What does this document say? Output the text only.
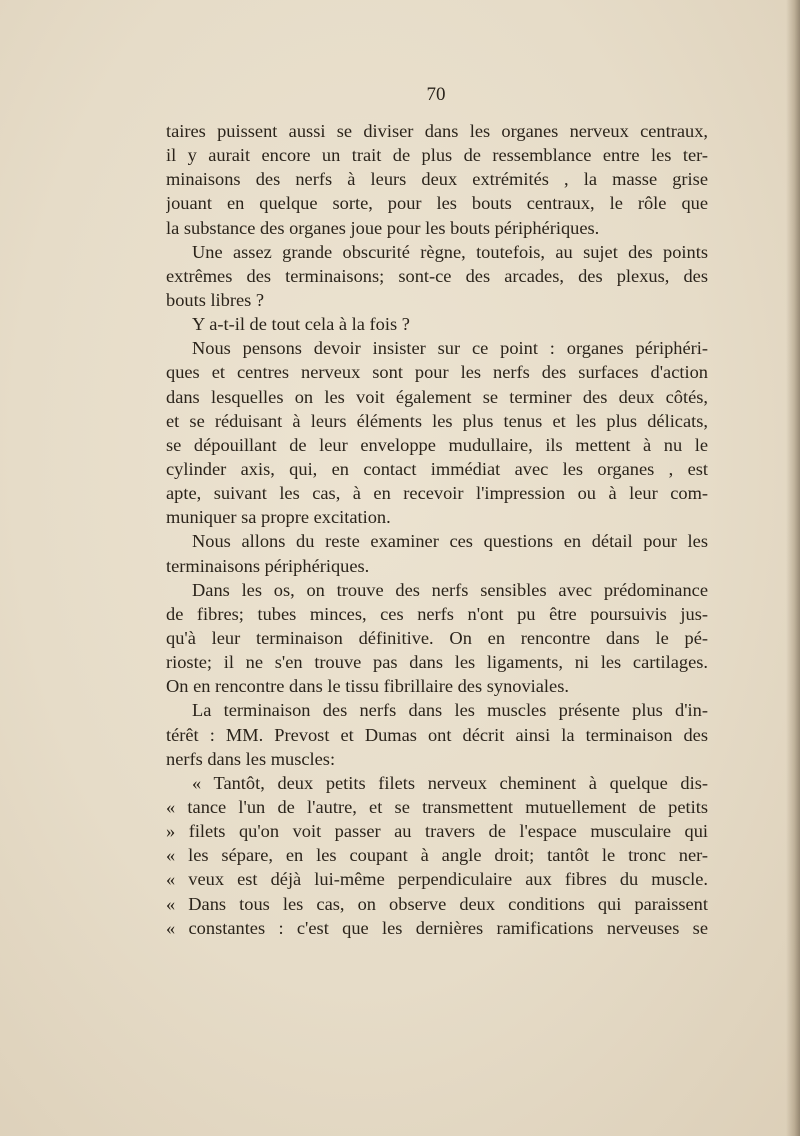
70
taires puissent aussi se diviser dans les organes nerveux centraux,
il y aurait encore un trait de plus de ressemblance entre les ter-
minaisons des nerfs à leurs deux extrémités , la masse grise
jouant en quelque sorte, pour les bouts centraux, le rôle que
la substance des organes joue pour les bouts périphériques.
Une assez grande obscurité règne, toutefois, au sujet des points
extrêmes des terminaisons; sont-ce des arcades, des plexus, des
bouts libres ?
Y a-t-il de tout cela à la fois ?
Nous pensons devoir insister sur ce point : organes périphéri-
ques et centres nerveux sont pour les nerfs des surfaces d'action
dans lesquelles on les voit également se terminer des deux côtés,
et se réduisant à leurs éléments les plus tenus et les plus délicats,
se dépouillant de leur enveloppe mudullaire, ils mettent à nu le
cylinder axis, qui, en contact immédiat avec les organes , est
apte, suivant les cas, à en recevoir l'impression ou à leur com-
muniquer sa propre excitation.
Nous allons du reste examiner ces questions en détail pour les
terminaisons périphériques.
Dans les os, on trouve des nerfs sensibles avec prédominance
de fibres; tubes minces, ces nerfs n'ont pu être poursuivis jus-
qu'à leur terminaison définitive. On en rencontre dans le pé-
rioste; il ne s'en trouve pas dans les ligaments, ni les cartilages.
On en rencontre dans le tissu fibrillaire des synoviales.
La terminaison des nerfs dans les muscles présente plus d'in-
térêt : MM. Prevost et Dumas ont décrit ainsi la terminaison des
nerfs dans les muscles:
« Tantôt, deux petits filets nerveux cheminent à quelque dis-
« tance l'un de l'autre, et se transmettent mutuellement de petits
» filets qu'on voit passer au travers de l'espace musculaire qui
« les sépare, en les coupant à angle droit; tantôt le tronc ner-
« veux est déjà lui-même perpendiculaire aux fibres du muscle.
« Dans tous les cas, on observe deux conditions qui paraissent
« constantes : c'est que les dernières ramifications nerveuses se
